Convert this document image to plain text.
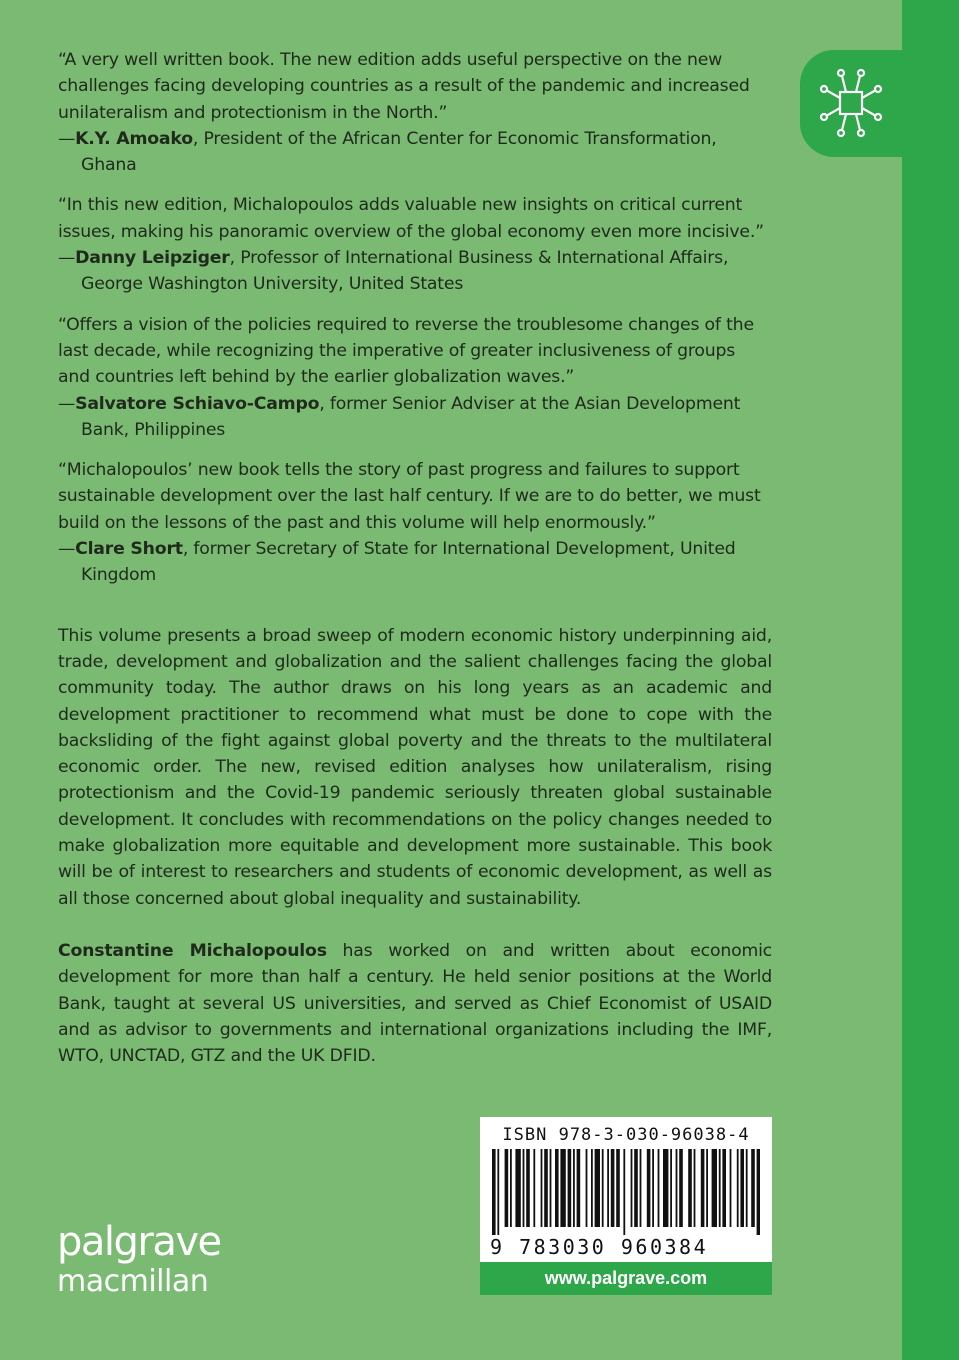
“A very well written book. The new edition adds useful perspective on the new challenges facing developing countries as a result of the pandemic and increased unilateralism and protectionism in the North.”

—K.Y. Amoako, President of the African Center for Economic Transformation, Ghana

“In this new edition, Michalopoulos adds valuable new insights on critical current issues, making his panoramic overview of the global economy even more incisive.”

—Danny Leipziger, Professor of International Business & International Affairs, George Washington University, United States

“Offers a vision of the policies required to reverse the troublesome changes of the last decade, while recognizing the imperative of greater inclusiveness of groups and countries left behind by the earlier globalization waves.”

—Salvatore Schiavo-Campo, former Senior Adviser at the Asian Development Bank, Philippines

“Michalopoulos’ new book tells the story of past progress and failures to support sustainable development over the last half century. If we are to do better, we must build on the lessons of the past and this volume will help enormously.”

—Clare Short, former Secretary of State for International Development, United Kingdom

This volume presents a broad sweep of modern economic history underpinning aid, trade, development and globalization and the salient challenges facing the global community today. The author draws on his long years as an academic and development practitioner to recommend what must be done to cope with the backsliding of the fight against global poverty and the threats to the multilateral economic order. The new, revised edition analyses how unilateralism, rising protectionism and the Covid-19 pandemic seriously threaten global sustainable development. It concludes with recommendations on the policy changes needed to make globalization more equitable and development more sustainable. This book will be of interest to researchers and students of economic development, as well as all those concerned about global inequality and sustainability.

Constantine Michalopoulos has worked on and written about economic development for more than half a century. He held senior positions at the World Bank, taught at several US universities, and served as Chief Economist of USAID and as advisor to governments and international organizations including the IMF, WTO, UNCTAD, GTZ and the UK DFID.

palgrave
macmillan
ISBN 978-3-030-96038-4
9 783030 960384
www.palgrave.com
